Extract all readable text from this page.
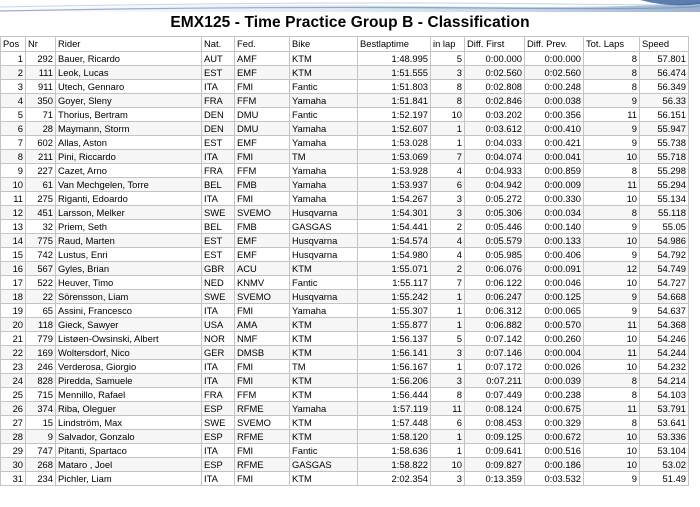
EMX125 - Time Practice Group B - Classification
Pos	Nr	Rider	Nat.	Fed.	Bike	Bestlaptime	in lap	Diff. First	Diff. Prev.	Tot. Laps	Speed
1	292	Bauer, Ricardo	AUT	AMF	KTM	1:48.995	5	0:00.000	0:00.000	8	57.801
2	111	Leok, Lucas	EST	EMF	KTM	1:51.555	3	0:02.560	0:02.560	8	56.474
3	911	Utech, Gennaro	ITA	FMI	Fantic	1:51.803	8	0:02.808	0:00.248	8	56.349
4	350	Goyer, Sleny	FRA	FFM	Yamaha	1:51.841	8	0:02.846	0:00.038	9	56.33
5	71	Thorius, Bertram	DEN	DMU	Fantic	1:52.197	10	0:03.202	0:00.356	11	56.151
6	28	Maymann, Storm	DEN	DMU	Yamaha	1:52.607	1	0:03.612	0:00.410	9	55.947
7	602	Allas, Aston	EST	EMF	Yamaha	1:53.028	1	0:04.033	0:00.421	9	55.738
8	211	Pini, Riccardo	ITA	FMI	TM	1:53.069	7	0:04.074	0:00.041	10	55.718
9	227	Cazet, Arno	FRA	FFM	Yamaha	1:53.928	4	0:04.933	0:00.859	8	55.298
10	61	Van Mechgelen, Torre	BEL	FMB	Yamaha	1:53.937	6	0:04.942	0:00.009	11	55.294
11	275	Riganti, Edoardo	ITA	FMI	Yamaha	1:54.267	3	0:05.272	0:00.330	10	55.134
12	451	Larsson, Melker	SWE	SVEMO	Husqvarna	1:54.301	3	0:05.306	0:00.034	8	55.118
13	32	Priem, Seth	BEL	FMB	GASGAS	1:54.441	2	0:05.446	0:00.140	9	55.05
14	775	Raud, Marten	EST	EMF	Husqvarna	1:54.574	4	0:05.579	0:00.133	10	54.986
15	742	Lustus, Enri	EST	EMF	Husqvarna	1:54.980	4	0:05.985	0:00.406	9	54.792
16	567	Gyles, Brian	GBR	ACU	KTM	1:55.071	2	0:06.076	0:00.091	12	54.749
17	522	Heuver, Timo	NED	KNMV	Fantic	1:55.117	7	0:06.122	0:00.046	10	54.727
18	22	Sörensson, Liam	SWE	SVEMO	Husqvarna	1:55.242	1	0:06.247	0:00.125	9	54.668
19	65	Assini, Francesco	ITA	FMI	Yamaha	1:55.307	1	0:06.312	0:00.065	9	54.637
20	118	Gieck, Sawyer	USA	AMA	KTM	1:55.877	1	0:06.882	0:00.570	11	54.368
21	779	Listøen-Owsinski, Albert	NOR	NMF	KTM	1:56.137	5	0:07.142	0:00.260	10	54.246
22	169	Woltersdorf, Nico	GER	DMSB	KTM	1:56.141	3	0:07.146	0:00.004	11	54.244
23	246	Verderosa, Giorgio	ITA	FMI	TM	1:56.167	1	0:07.172	0:00.026	10	54.232
24	828	Piredda, Samuele	ITA	FMI	KTM	1:56.206	3	0:07.211	0:00.039	8	54.214
25	715	Mennillo, Rafael	FRA	FFM	KTM	1:56.444	8	0:07.449	0:00.238	8	54.103
26	374	Riba, Oleguer	ESP	RFME	Yamaha	1:57.119	11	0:08.124	0:00.675	11	53.791
27	15	Lindström, Max	SWE	SVEMO	KTM	1:57.448	6	0:08.453	0:00.329	8	53.641
28	9	Salvador, Gonzalo	ESP	RFME	KTM	1:58.120	1	0:09.125	0:00.672	10	53.336
29	747	Pitanti, Spartaco	ITA	FMI	Fantic	1:58.636	1	0:09.641	0:00.516	10	53.104
30	268	Mataro , Joel	ESP	RFME	GASGAS	1:58.822	10	0:09.827	0:00.186	10	53.02
31	234	Pichler, Liam	ITA	FMI	KTM	2:02.354	3	0:13.359	0:03.532	9	51.49
